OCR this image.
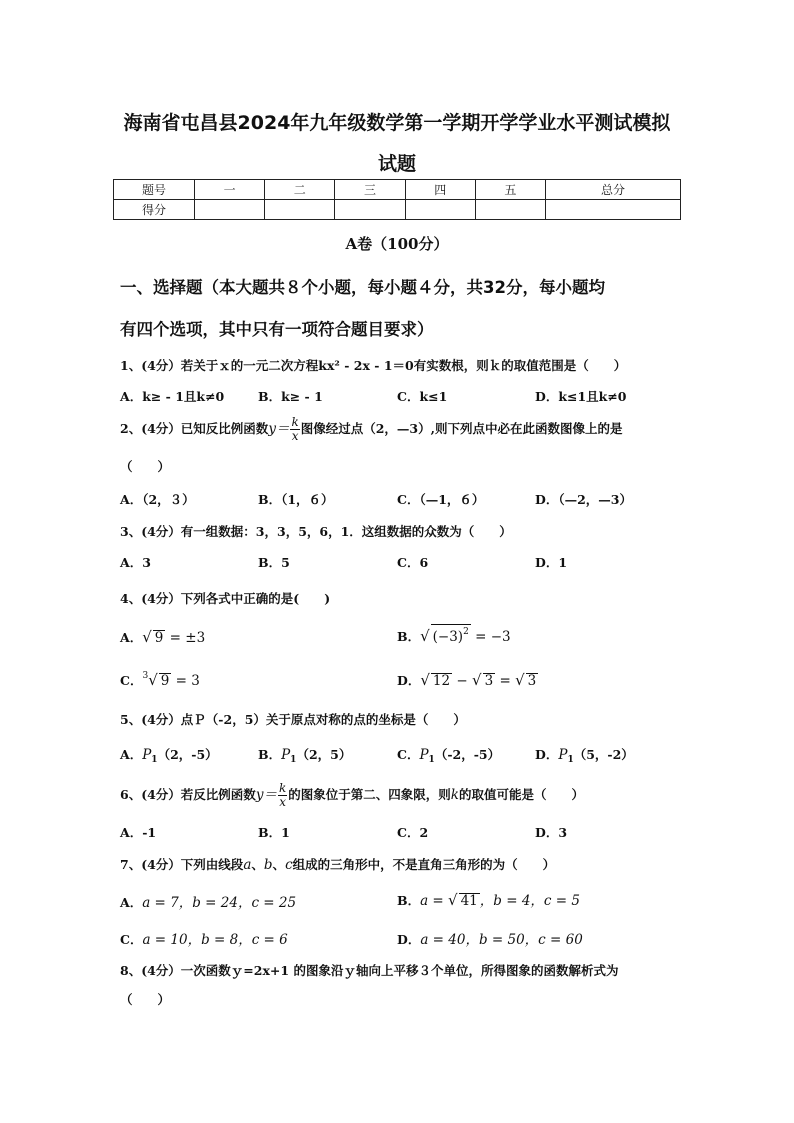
海南省屯昌县2024年九年级数学第一学期开学学业水平测试模拟
试题
题号	一	二	三	四	五	总分
得分						
A卷（100分）
一、选择题（本大题共８个小题，每小题４分，共32分，每小题均
有四个选项，其中只有一项符合题目要求）
1、(4分）若关于ｘ的一元二次方程kx² - 2x - 1＝0有实数根，则ｋ的取值范围是（　　）
A．k≥ - 1且k≠0	B．k≥ - 1	C．k≤1	D．k≤1且k≠0
2、(4分）已知反比例函数$y= \frac{k}{x}$ 图像经过点（2，—3）,则下列点中必在此函数图像上的是
（　　）
A．（2，３）	B．（1，６）	C．（—1，６）	D．（—2，—3）
3、(4分）有一组数据：3，3，5，6，1．这组数据的众数为（　　）
A．3	B．5	C．6	D．1
4、(4分）下列各式中正确的是(　　)
A．√ 9 = ±3	B．√ $(-3)^2 = -3$
C．$^3$√ 9 = 3	D．√ 12 − √ 3 = √ 3
5、(4分）点Ｐ（-2，5）关于原点对称的点的坐标是（　　）
A．$P_1(2$，-5）	B．$P_1(2$，5）	C．$P_1(-2$，-5）	D．$P_1(5$，-2）
6、(4分）若反比例函数$y= \frac{k}{x}$ 的图象位于第二、四象限，则k的取值可能是（　　）
A．-1	B．1	C．2	D．3
7、(4分）下列由线段a、b、c组成的三角形中，不是直角三角形的为（　　）
A．a = 7，b = 24，c = 25	B．a = √ 41 ，b = 4，c = 5
C．a = 10，b = 8，c = 6	D．a = 40，b = 50，c = 60
8、(4分）一次函数ｙ=2x+1 的图象沿ｙ轴向上平移３个单位，所得图象的函数解析式为
（　　）
